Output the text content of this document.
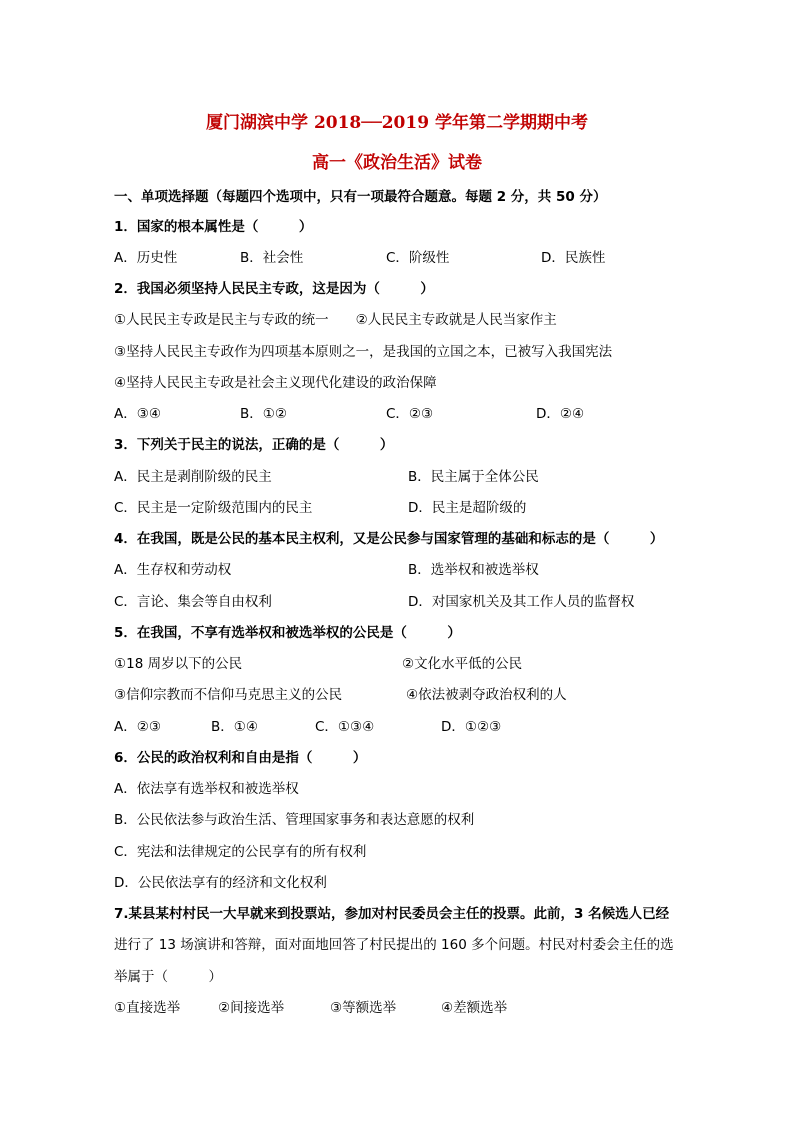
厦门湖滨中学 2018──2019 学年第二学期期中考
高一《政治生活》试卷
一、单项选择题（每题四个选项中，只有一项最符合题意。每题 2 分，共 50 分）
1．国家的根本属性是（　　　）
A．历史性	B．社会性	C．阶级性	D．民族性
2．我国必须坚持人民民主专政，这是因为（　　　）
①人民民主专政是民主与专政的统一　　②人民民主专政就是人民当家作主
③坚持人民民主专政作为四项基本原则之一，是我国的立国之本，已被写入我国宪法
④坚持人民民主专政是社会主义现代化建设的政治保障
A．③④	B．①②	C．②③	D．②④
3．下列关于民主的说法，正确的是（　　　）
A．民主是剥削阶级的民主	B．民主属于全体公民
C．民主是一定阶级范围内的民主	D．民主是超阶级的
4．在我国，既是公民的基本民主权利，又是公民参与国家管理的基础和标志的是（　　　）
A．生存权和劳动权	B．选举权和被选举权
C．言论、集会等自由权利	D．对国家机关及其工作人员的监督权
5．在我国，不享有选举权和被选举权的公民是（　　　）
①18 周岁以下的公民	②文化水平低的公民
③信仰宗教而不信仰马克思主义的公民	④依法被剥夺政治权利的人
A．②③	B．①④	C．①③④	D．①②③
6．公民的政治权利和自由是指（　　　）
A．依法享有选举权和被选举权
B．公民依法参与政治生活、管理国家事务和表达意愿的权利
C．宪法和法律规定的公民享有的所有权利
D．公民依法享有的经济和文化权利
7.某县某村村民一大早就来到投票站，参加对村民委员会主任的投票。此前，3 名候选人已经
进行了 13 场演讲和答辩，面对面地回答了村民提出的 160 多个问题。村民对村委会主任的选
举属于（　　　）
①直接选举	②间接选举	③等额选举	④差额选举
